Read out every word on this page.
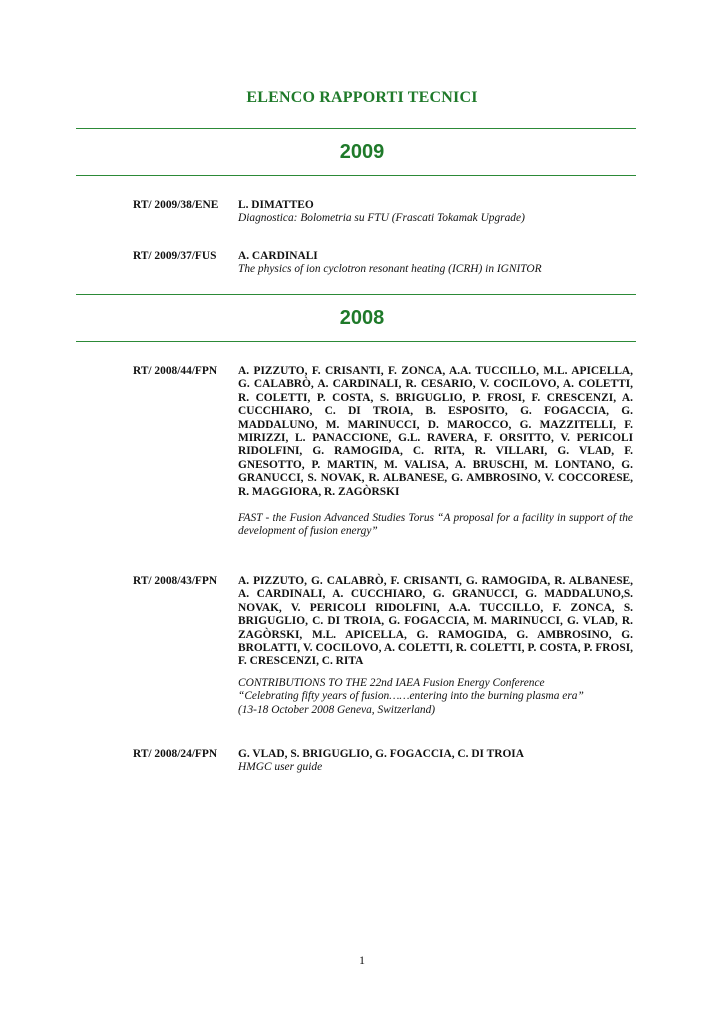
ELENCO RAPPORTI TECNICI
2009
RT/ 2009/38/ENE	L. DIMATTEO
Diagnostica: Bolometria su FTU (Frascati Tokamak Upgrade)
RT/ 2009/37/FUS	A. CARDINALI
The physics of ion cyclotron resonant heating (ICRH) in IGNITOR
2008
RT/ 2008/44/FPN	A. PIZZUTO, F. CRISANTI, F. ZONCA, A.A. TUCCILLO, M.L. APICELLA, G. CALABRÒ, A. CARDINALI, R. CESARIO, V. COCILOVO, A. COLETTI, R. COLETTI, P. COSTA, S. BRIGUGLIO, P. FROSI, F. CRESCENZI, A. CUCCHIARO, C. DI TROIA, B. ESPOSITO, G. FOGACCIA, G. MADDALUNO, M. MARINUCCI, D. MAROCCO, G. MAZZITELLI, F. MIRIZZI, L. PANACCIONE, G.L. RAVERA, F. ORSITTO, V. PERICOLI RIDOLFINI, G. RAMOGIDA, C. RITA, R. VILLARI, G. VLAD, F. GNESOTTO, P. MARTIN, M. VALISA, A. BRUSCHI, M. LONTANO, G. GRANUCCI, S. NOVAK, R. ALBANESE, G. AMBROSINO, V. COCCORESE, R. MAGGIORA, R. ZAGÒRSKI
FAST - the Fusion Advanced Studies Torus “A proposal for a facility in support of the development of fusion energy”
RT/ 2008/43/FPN	A. PIZZUTO, G. CALABRÒ, F. CRISANTI, G. RAMOGIDA, R. ALBANESE, A. CARDINALI, A. CUCCHIARO, G. GRANUCCI, G. MADDALUNO,S. NOVAK, V. PERICOLI RIDOLFINI, A.A. TUCCILLO, F. ZONCA, S. BRIGUGLIO, C. DI TROIA, G. FOGACCIA, M. MARINUCCI, G. VLAD, R. ZAGÒRSKI, M.L. APICELLA, G. RAMOGIDA, G. AMBROSINO, G. BROLATTI, V. COCILOVO, A. COLETTI, R. COLETTI, P. COSTA, P. FROSI, F. CRESCENZI, C. RITA
CONTRIBUTIONS TO THE 22nd IAEA Fusion Energy Conference
“Celebrating fifty years of fusion……entering into the burning plasma era”
(13-18 October 2008 Geneva, Switzerland)
RT/ 2008/24/FPN	G. VLAD, S. BRIGUGLIO, G. FOGACCIA, C. DI TROIA
HMGC user guide
1
